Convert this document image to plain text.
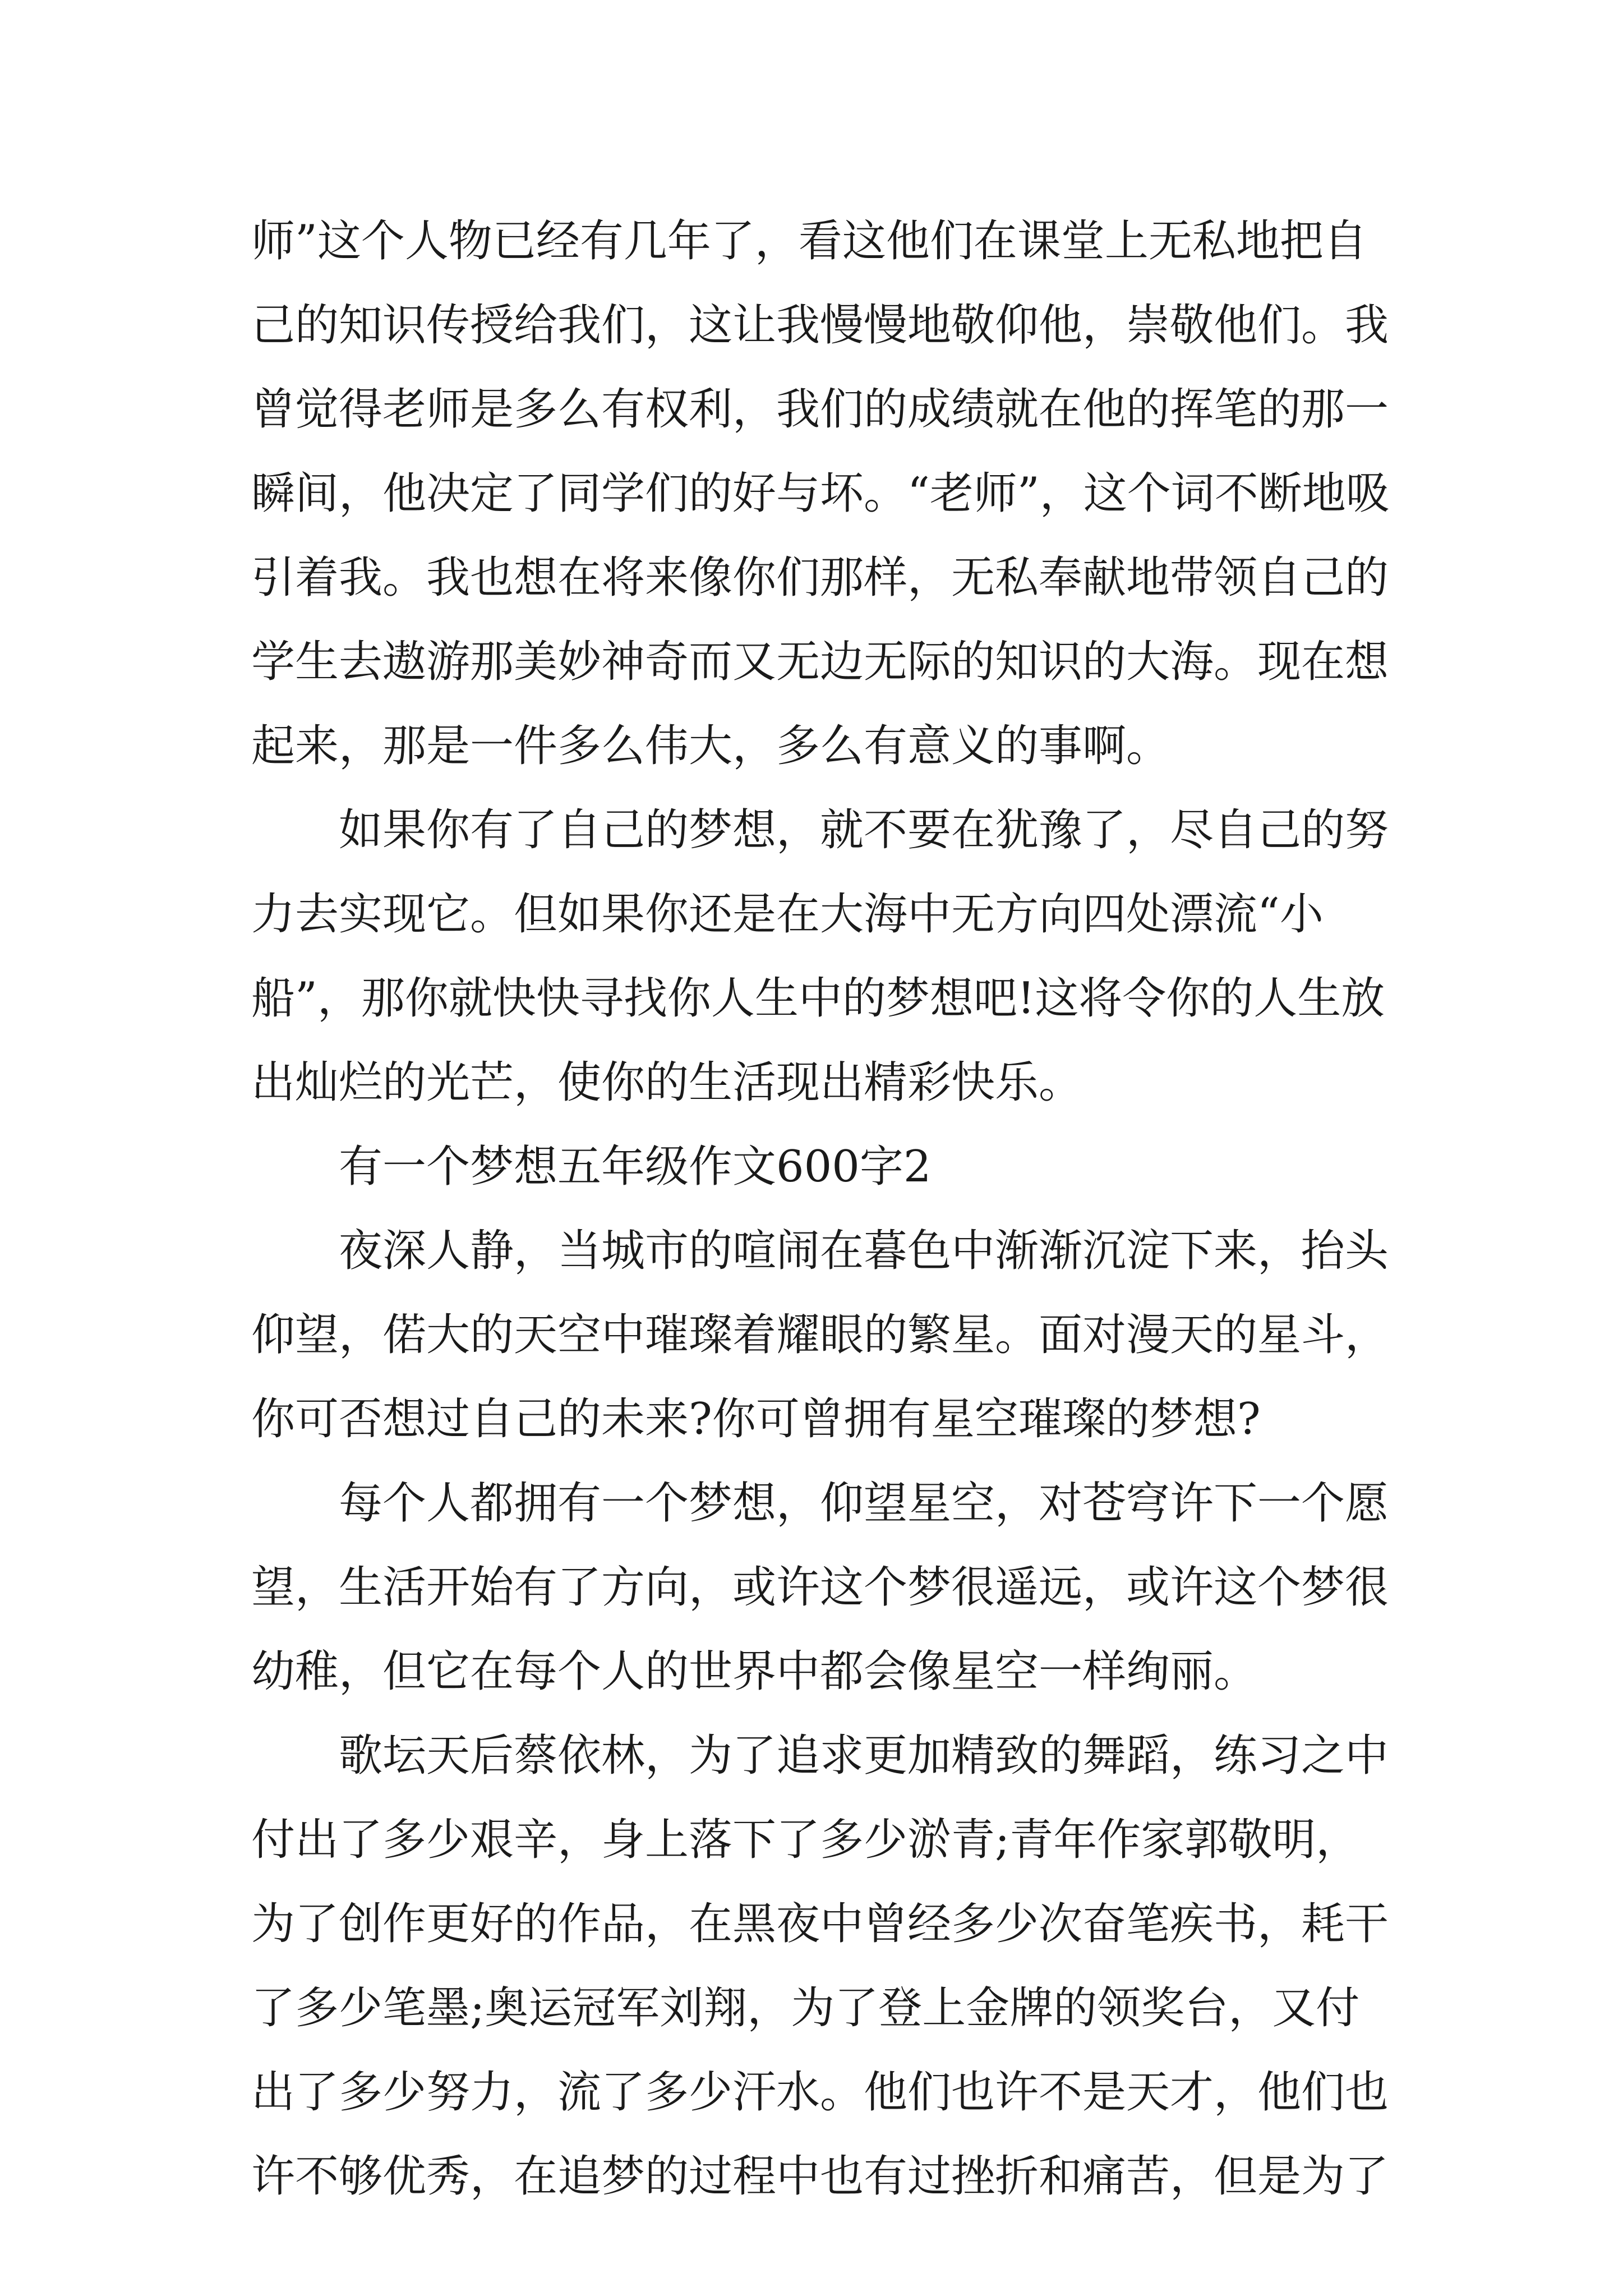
师”这个人物已经有几年了，看这他们在课堂上无私地把自
己的知识传授给我们，这让我慢慢地敬仰他，崇敬他们。我
曾觉得老师是多么有权利，我们的成绩就在他的挥笔的那一
瞬间，他决定了同学们的好与坏。“老师”，这个词不断地吸
引着我。我也想在将来像你们那样，无私奉献地带领自己的
学生去遨游那美妙神奇而又无边无际的知识的大海。现在想
起来，那是一件多么伟大，多么有意义的事啊。
如果你有了自己的梦想，就不要在犹豫了，尽自己的努
力去实现它。但如果你还是在大海中无方向四处漂流“小
船”，那你就快快寻找你人生中的梦想吧!这将令你的人生放
出灿烂的光芒，使你的生活现出精彩快乐。
有一个梦想五年级作文600字2
夜深人静，当城市的喧闹在暮色中渐渐沉淀下来，抬头
仰望，偌大的天空中璀璨着耀眼的繁星。面对漫天的星斗，
你可否想过自己的未来?你可曾拥有星空璀璨的梦想?
每个人都拥有一个梦想，仰望星空，对苍穹许下一个愿
望，生活开始有了方向，或许这个梦很遥远，或许这个梦很
幼稚，但它在每个人的世界中都会像星空一样绚丽。
歌坛天后蔡依林，为了追求更加精致的舞蹈，练习之中
付出了多少艰辛，身上落下了多少淤青;青年作家郭敬明，
为了创作更好的作品，在黑夜中曾经多少次奋笔疾书，耗干
了多少笔墨;奥运冠军刘翔，为了登上金牌的领奖台，又付
出了多少努力，流了多少汗水。他们也许不是天才，他们也
许不够优秀，在追梦的过程中也有过挫折和痛苦，但是为了
